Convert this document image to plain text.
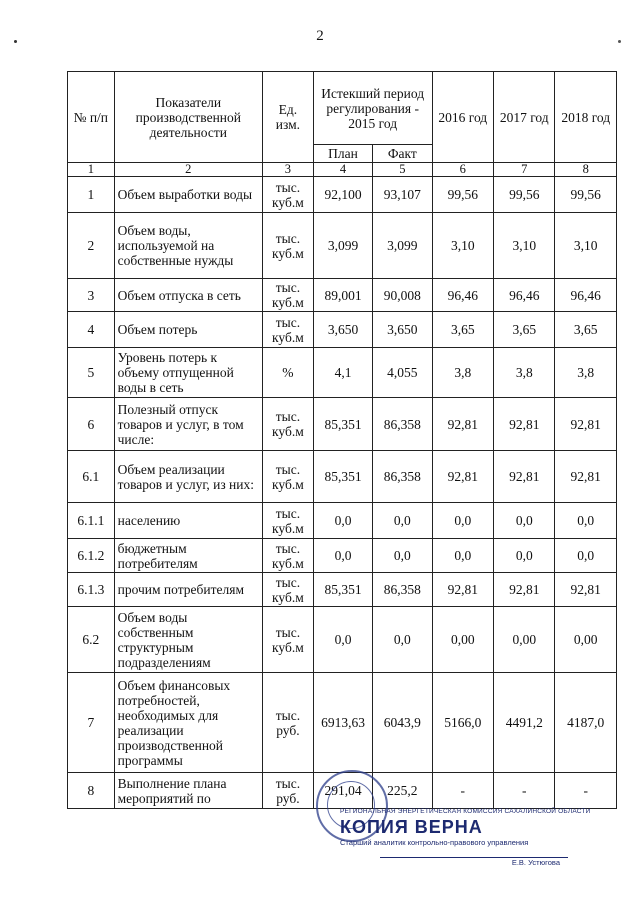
2
№ п/п	Показатели производственной деятельности	Ед. изм.	Истекший период регулирования - 2015 год		2016 год	2017 год	2018 год
			План	Факт			
1	2	3	4	5	6	7	8
1	Объем выработки воды	тыс. куб.м	92,100	93,107	99,56	99,56	99,56
2	Объем воды, используемой на собственные нужды	тыс. куб.м	3,099	3,099	3,10	3,10	3,10
3	Объем отпуска в сеть	тыс. куб.м	89,001	90,008	96,46	96,46	96,46
4	Объем потерь	тыс. куб.м	3,650	3,650	3,65	3,65	3,65
5	Уровень потерь к объему отпущенной воды в сеть	%	4,1	4,055	3,8	3,8	3,8
6	Полезный отпуск товаров и услуг, в том числе:	тыс. куб.м	85,351	86,358	92,81	92,81	92,81
6.1	Объем реализации товаров и услуг, из них:	тыс. куб.м	85,351	86,358	92,81	92,81	92,81
6.1.1	населению	тыс. куб.м	0,0	0,0	0,0	0,0	0,0
6.1.2	бюджетным потребителям	тыс. куб.м	0,0	0,0	0,0	0,0	0,0
6.1.3	прочим потребителям	тыс. куб.м	85,351	86,358	92,81	92,81	92,81
6.2	Объем воды собственным структурным подразделениям	тыс. куб.м	0,0	0,0	0,00	0,00	0,00
7	Объем финансовых потребностей, необходимых для реализации производственной программы	тыс. руб.	6913,63	6043,9	5166,0	4491,2	4187,0
8	Выполнение плана мероприятий по	тыс. руб.	291,04	225,2	-	-	-
РЕГИОНАЛЬНАЯ ЭНЕРГЕТИЧЕСКАЯ КОМИССИЯ САХАЛИНСКОЙ ОБЛАСТИ
КОПИЯ ВЕРНА
Старший аналитик контрольно-правового управления
Е.В. Устюгова
